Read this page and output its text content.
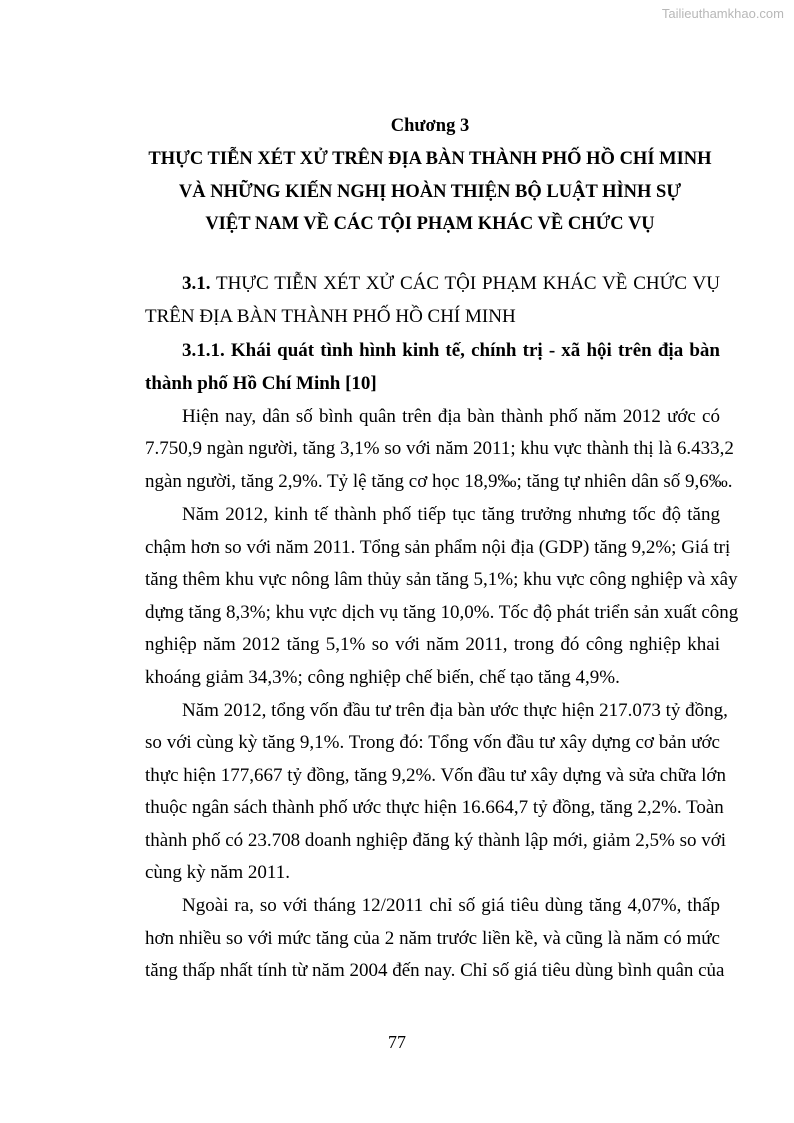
Tailieuthamkhao.com
Chương 3
THỰC TIỄN XÉT XỬ TRÊN ĐỊA BÀN THÀNH PHỐ HỒ CHÍ MINH
VÀ NHỮNG KIẾN NGHỊ HOÀN THIỆN BỘ LUẬT HÌNH SỰ
VIỆT NAM VỀ CÁC TỘI PHẠM KHÁC VỀ CHỨC VỤ
3.1. THỰC TIỄN XÉT XỬ CÁC TỘI PHẠM KHÁC VỀ CHỨC VỤ
TRÊN ĐỊA BÀN THÀNH PHỐ HỒ CHÍ MINH
3.1.1. Khái quát tình hình kinh tế, chính trị - xã hội trên địa bàn
thành phố Hồ Chí Minh [10]
Hiện nay, dân số bình quân trên địa bàn thành phố năm 2012 ước có
7.750,9 ngàn người, tăng 3,1% so với năm 2011; khu vực thành thị là 6.433,2
ngàn người, tăng 2,9%. Tỷ lệ tăng cơ học 18,9‰; tăng tự nhiên dân số 9,6‰.
Năm 2012, kinh tế thành phố tiếp tục tăng trưởng nhưng tốc độ tăng
chậm hơn so với năm 2011. Tổng sản phẩm nội địa (GDP) tăng 9,2%; Giá trị
tăng thêm khu vực nông lâm thủy sản tăng 5,1%; khu vực công nghiệp và xây
dựng tăng 8,3%; khu vực dịch vụ tăng 10,0%. Tốc độ phát triển sản xuất công
nghiệp năm 2012 tăng 5,1% so với năm 2011, trong đó công nghiệp khai
khoáng giảm 34,3%; công nghiệp chế biến, chế tạo tăng 4,9%.
Năm 2012, tổng vốn đầu tư trên địa bàn ước thực hiện 217.073 tỷ đồng,
so với cùng kỳ tăng 9,1%. Trong đó: Tổng vốn đầu tư xây dựng cơ bản ước
thực hiện 177,667 tỷ đồng, tăng 9,2%. Vốn đầu tư xây dựng và sửa chữa lớn
thuộc ngân sách thành phố ước thực hiện 16.664,7 tỷ đồng, tăng 2,2%. Toàn
thành phố có 23.708 doanh nghiệp đăng ký thành lập mới, giảm 2,5% so với
cùng kỳ năm 2011.
Ngoài ra, so với tháng 12/2011 chỉ số giá tiêu dùng tăng 4,07%, thấp
hơn nhiều so với mức tăng của 2 năm trước liền kề, và cũng là năm có mức
tăng thấp nhất tính từ năm 2004 đến nay. Chỉ số giá tiêu dùng bình quân của
77
